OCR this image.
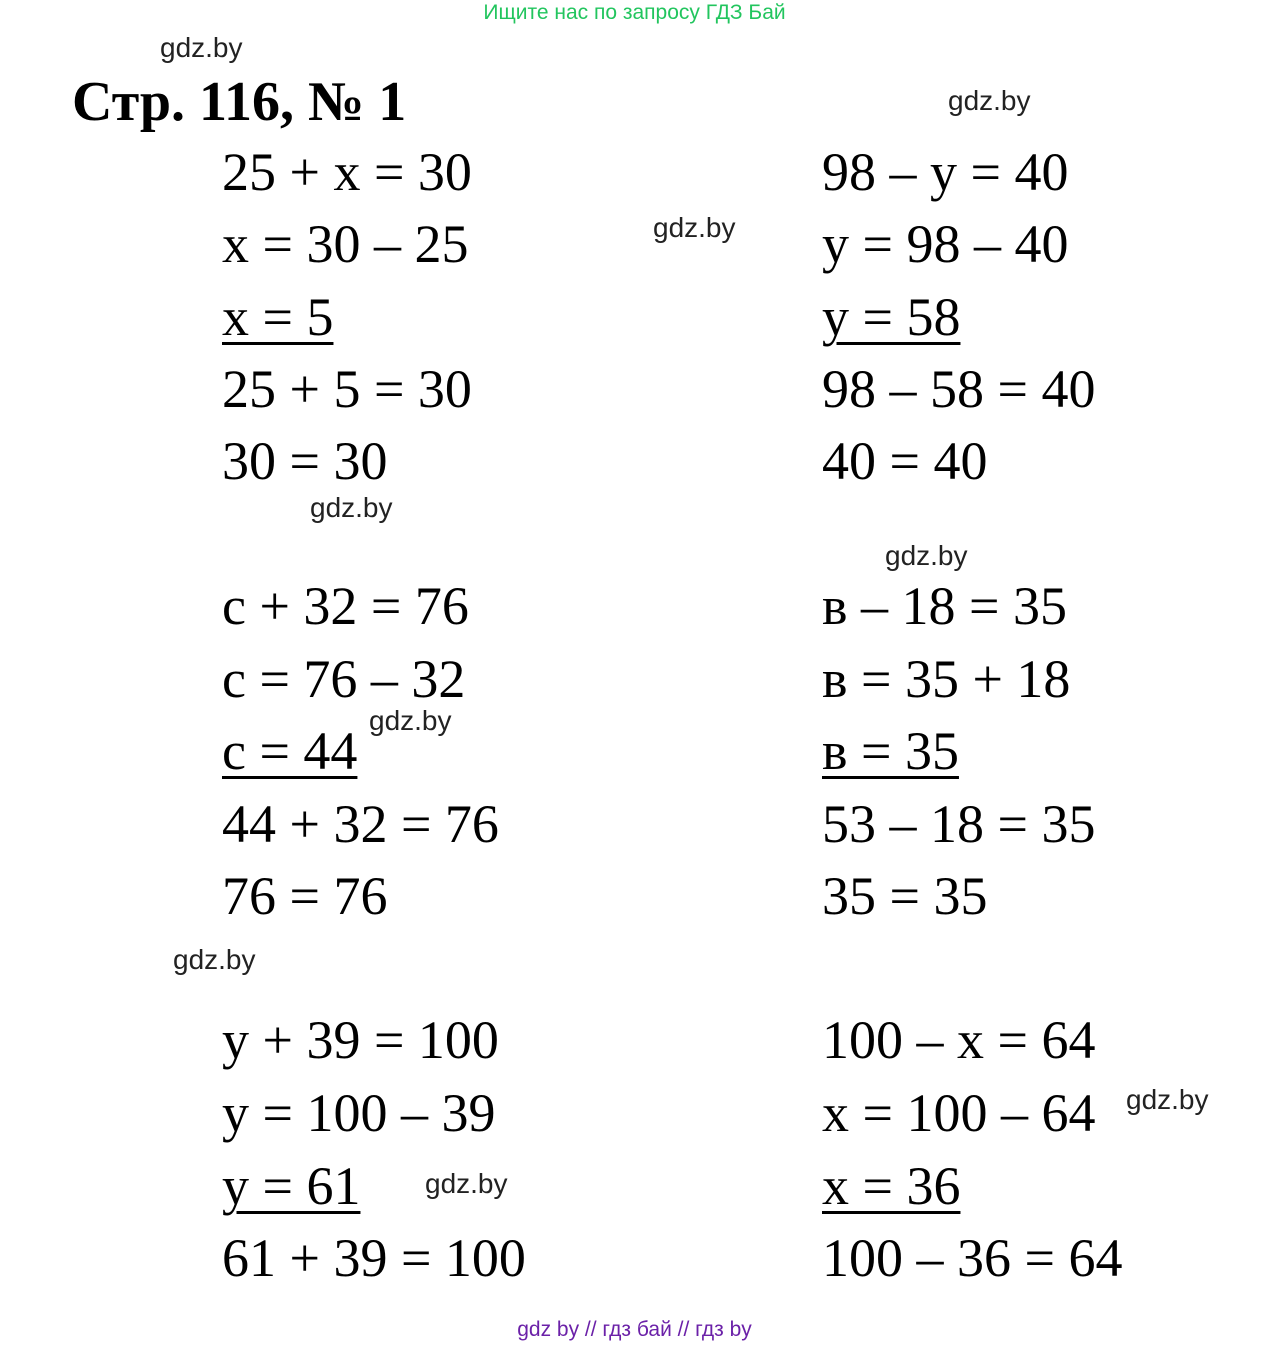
Ищите нас по запросу ГДЗ Бай
Стр. 116, № 1
gdz.by
gdz.by
gdz.by
gdz.by
gdz.by
gdz.by
gdz.by
gdz.by
gdz.by
25 + x = 30
x = 30 – 25
x = 5
25 + 5 = 30
30 = 30
98 – y = 40
y = 98 – 40
y = 58
98 – 58 = 40
40 = 40
c + 32 = 76
c = 76 – 32
c = 44
44 + 32 = 76
76 = 76
в – 18 = 35
в = 35 + 18
в = 35
53 – 18 = 35
35 = 35
y + 39 = 100
y = 100 – 39
y = 61
61 + 39 = 100
100 – x = 64
x = 100 – 64
x = 36
100 – 36 = 64
gdz by // гдз бай // гдз by
